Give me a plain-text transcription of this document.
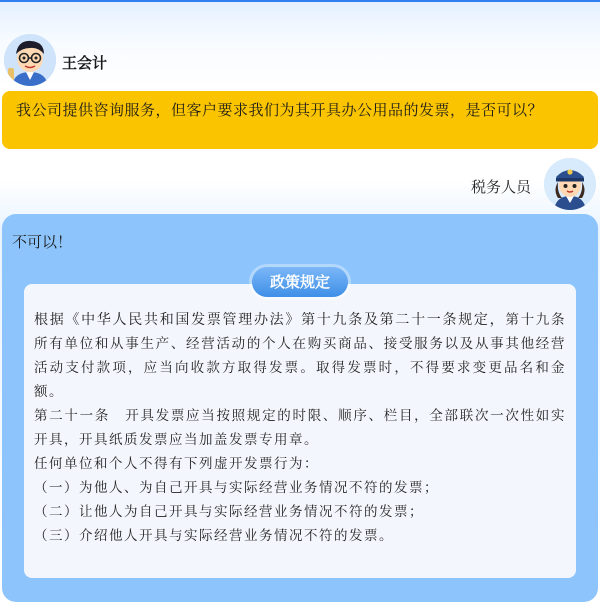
王会计
我公司提供咨询服务，但客户要求我们为其开具办公用品的发票，是否可以？
税务人员
不可以！
政策规定

根据《中华人民共和国发票管理办法》第十九条及第二十一条规定，第十九条　所有单位和从事生产、经营活动的个人在购买商品、接受服务以及从事其他经营活动支付款项，应当向收款方取得发票。取得发票时，不得要求变更品名和金额。

第二十一条　开具发票应当按照规定的时限、顺序、栏目，全部联次一次性如实开具，开具纸质发票应当加盖发票专用章。

任何单位和个人不得有下列虚开发票行为：

（一）为他人、为自己开具与实际经营业务情况不符的发票；

（二）让他人为自己开具与实际经营业务情况不符的发票；

（三）介绍他人开具与实际经营业务情况不符的发票。
